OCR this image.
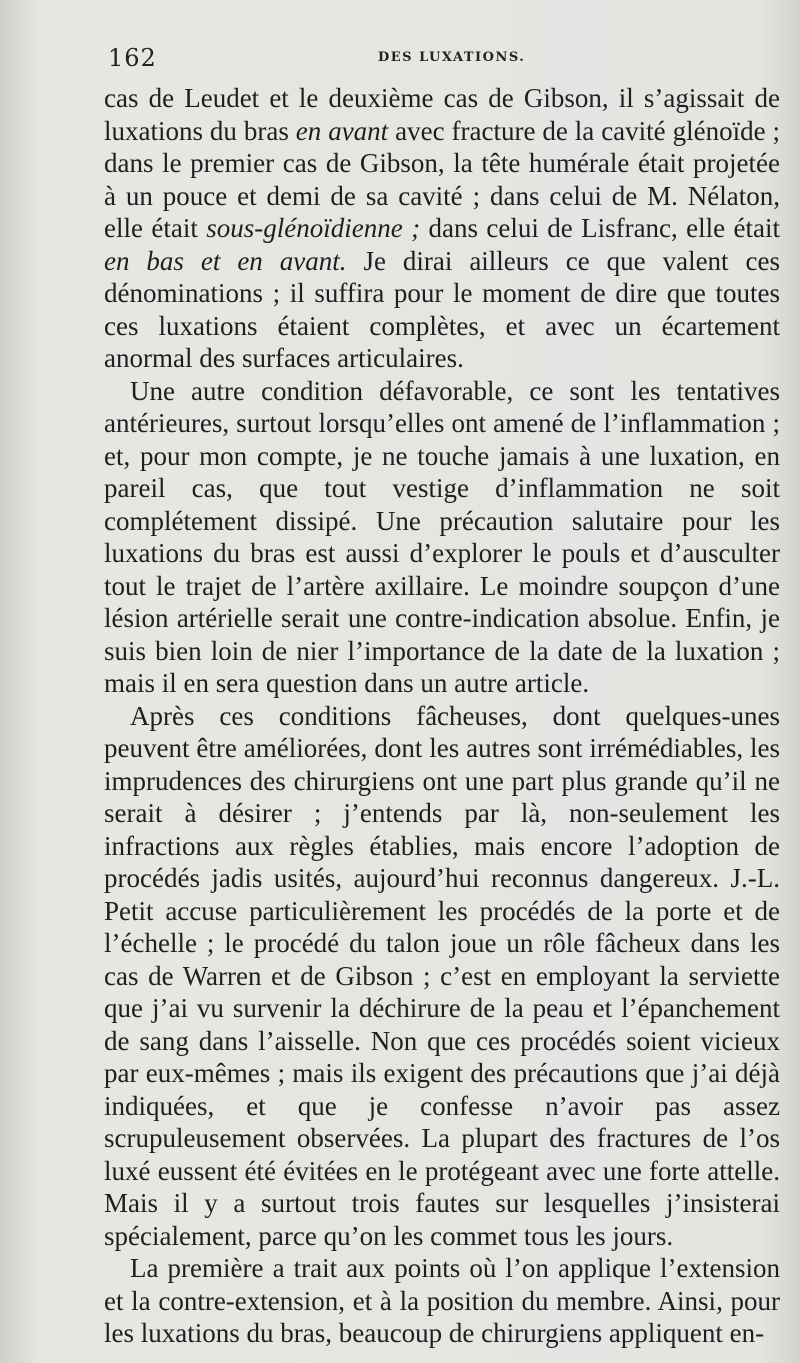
162	DES LUXATIONS.

cas de Leudet et le deuxième cas de Gibson, il s’agissait de luxations du bras en avant avec fracture de la cavité glénoïde ; dans le premier cas de Gibson, la tête humérale était projetée à un pouce et demi de sa cavité ; dans celui de M. Nélaton, elle était sous-glénoïdienne ; dans celui de Lisfranc, elle était en bas et en avant. Je dirai ailleurs ce que valent ces dénominations ; il suffira pour le moment de dire que toutes ces luxations étaient complètes, et avec un écartement anormal des surfaces articulaires.

Une autre condition défavorable, ce sont les tentatives antérieures, surtout lorsqu’elles ont amené de l’inflammation ; et, pour mon compte, je ne touche jamais à une luxation, en pareil cas, que tout vestige d’inflammation ne soit complétement dissipé. Une précaution salutaire pour les luxations du bras est aussi d’explorer le pouls et d’ausculter tout le trajet de l’artère axillaire. Le moindre soupçon d’une lésion artérielle serait une contre-indication absolue. Enfin, je suis bien loin de nier l’importance de la date de la luxation ; mais il en sera question dans un autre article.

Après ces conditions fâcheuses, dont quelques-unes peuvent être améliorées, dont les autres sont irrémédiables, les imprudences des chirurgiens ont une part plus grande qu’il ne serait à désirer ; j’entends par là, non-seulement les infractions aux règles établies, mais encore l’adoption de procédés jadis usités, aujourd’hui reconnus dangereux. J.-L. Petit accuse particulièrement les procédés de la porte et de l’échelle ; le procédé du talon joue un rôle fâcheux dans les cas de Warren et de Gibson ; c’est en employant la serviette que j’ai vu survenir la déchirure de la peau et l’épanchement de sang dans l’aisselle. Non que ces procédés soient vicieux par eux-mêmes ; mais ils exigent des précautions que j’ai déjà indiquées, et que je confesse n’avoir pas assez scrupuleusement observées. La plupart des fractures de l’os luxé eussent été évitées en le protégeant avec une forte attelle. Mais il y a surtout trois fautes sur lesquelles j’insisterai spécialement, parce qu’on les commet tous les jours.

La première a trait aux points où l’on applique l’extension et la contre-extension, et à la position du membre. Ainsi, pour les luxations du bras, beaucoup de chirurgiens appliquent en-
